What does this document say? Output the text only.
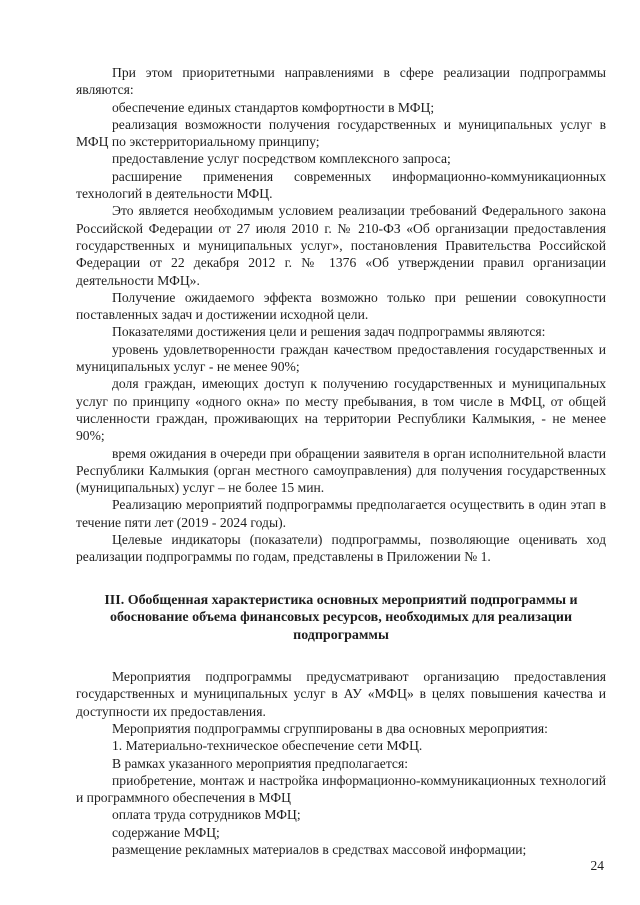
При этом приоритетными направлениями в сфере реализации подпрограммы являются:

обеспечение единых стандартов комфортности в МФЦ;

реализация возможности получения государственных и муниципальных услуг в МФЦ по экстерриториальному принципу;

предоставление услуг посредством комплексного запроса;

расширение применения современных информационно-коммуникационных технологий в деятельности МФЦ.

Это является необходимым условием реализации требований Федерального закона Российской Федерации от 27 июля 2010 г. № 210-ФЗ «Об организации предоставления государственных и муниципальных услуг», постановления Правительства Российской Федерации от 22 декабря 2012 г. № 1376 «Об утверждении правил организации деятельности МФЦ».

Получение ожидаемого эффекта возможно только при решении совокупности поставленных задач и достижении исходной цели.

Показателями достижения цели и решения задач подпрограммы являются:

уровень удовлетворенности граждан качеством предоставления государственных и муниципальных услуг - не менее 90%;

доля граждан, имеющих доступ к получению государственных и муниципальных услуг по принципу «одного окна» по месту пребывания, в том числе в МФЦ, от общей численности граждан, проживающих на территории Республики Калмыкия, - не менее 90%;

время ожидания в очереди при обращении заявителя в орган исполнительной власти Республики Калмыкия (орган местного самоуправления) для получения государственных (муниципальных) услуг – не более 15 мин.

Реализацию мероприятий подпрограммы предполагается осуществить в один этап в течение пяти лет (2019 - 2024 годы).

Целевые индикаторы (показатели) подпрограммы, позволяющие оценивать ход реализации подпрограммы по годам, представлены в Приложении № 1.

III. Обобщенная характеристика основных мероприятий подпрограммы и обоснование объема финансовых ресурсов, необходимых для реализации подпрограммы

Мероприятия подпрограммы предусматривают организацию предоставления государственных и муниципальных услуг в АУ «МФЦ» в целях повышения качества и доступности их предоставления.

Мероприятия подпрограммы сгруппированы в два основных мероприятия:

1. Материально-техническое обеспечение сети МФЦ.

В рамках указанного мероприятия предполагается:

приобретение, монтаж и настройка информационно-коммуникационных технологий и программного обеспечения в МФЦ

оплата труда сотрудников МФЦ;

содержание МФЦ;

размещение рекламных материалов в средствах массовой информации;

24
